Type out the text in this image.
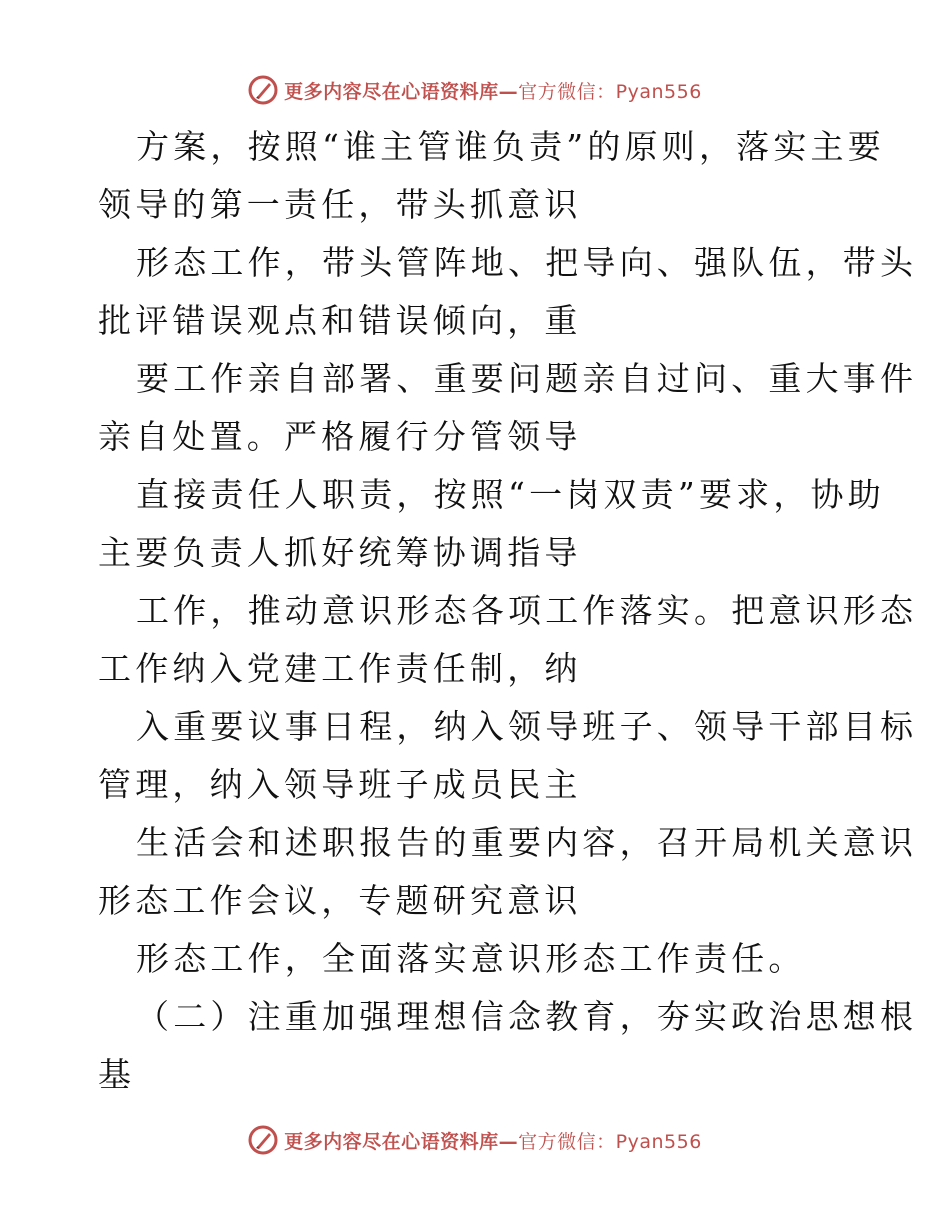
更多内容尽在心语资料库—官方微信：Pyan556
方案，按照“谁主管谁负责”的原则，落实主要
领导的第一责任，带头抓意识
形态工作，带头管阵地、把导向、强队伍，带头
批评错误观点和错误倾向，重
要工作亲自部署、重要问题亲自过问、重大事件
亲自处置。严格履行分管领导
直接责任人职责，按照“一岗双责”要求，协助
主要负责人抓好统筹协调指导
工作，推动意识形态各项工作落实。把意识形态
工作纳入党建工作责任制，纳
入重要议事日程，纳入领导班子、领导干部目标
管理，纳入领导班子成员民主
生活会和述职报告的重要内容，召开局机关意识
形态工作会议，专题研究意识
形态工作，全面落实意识形态工作责任。
（二）注重加强理想信念教育，夯实政治思想根
基
更多内容尽在心语资料库—官方微信：Pyan556
